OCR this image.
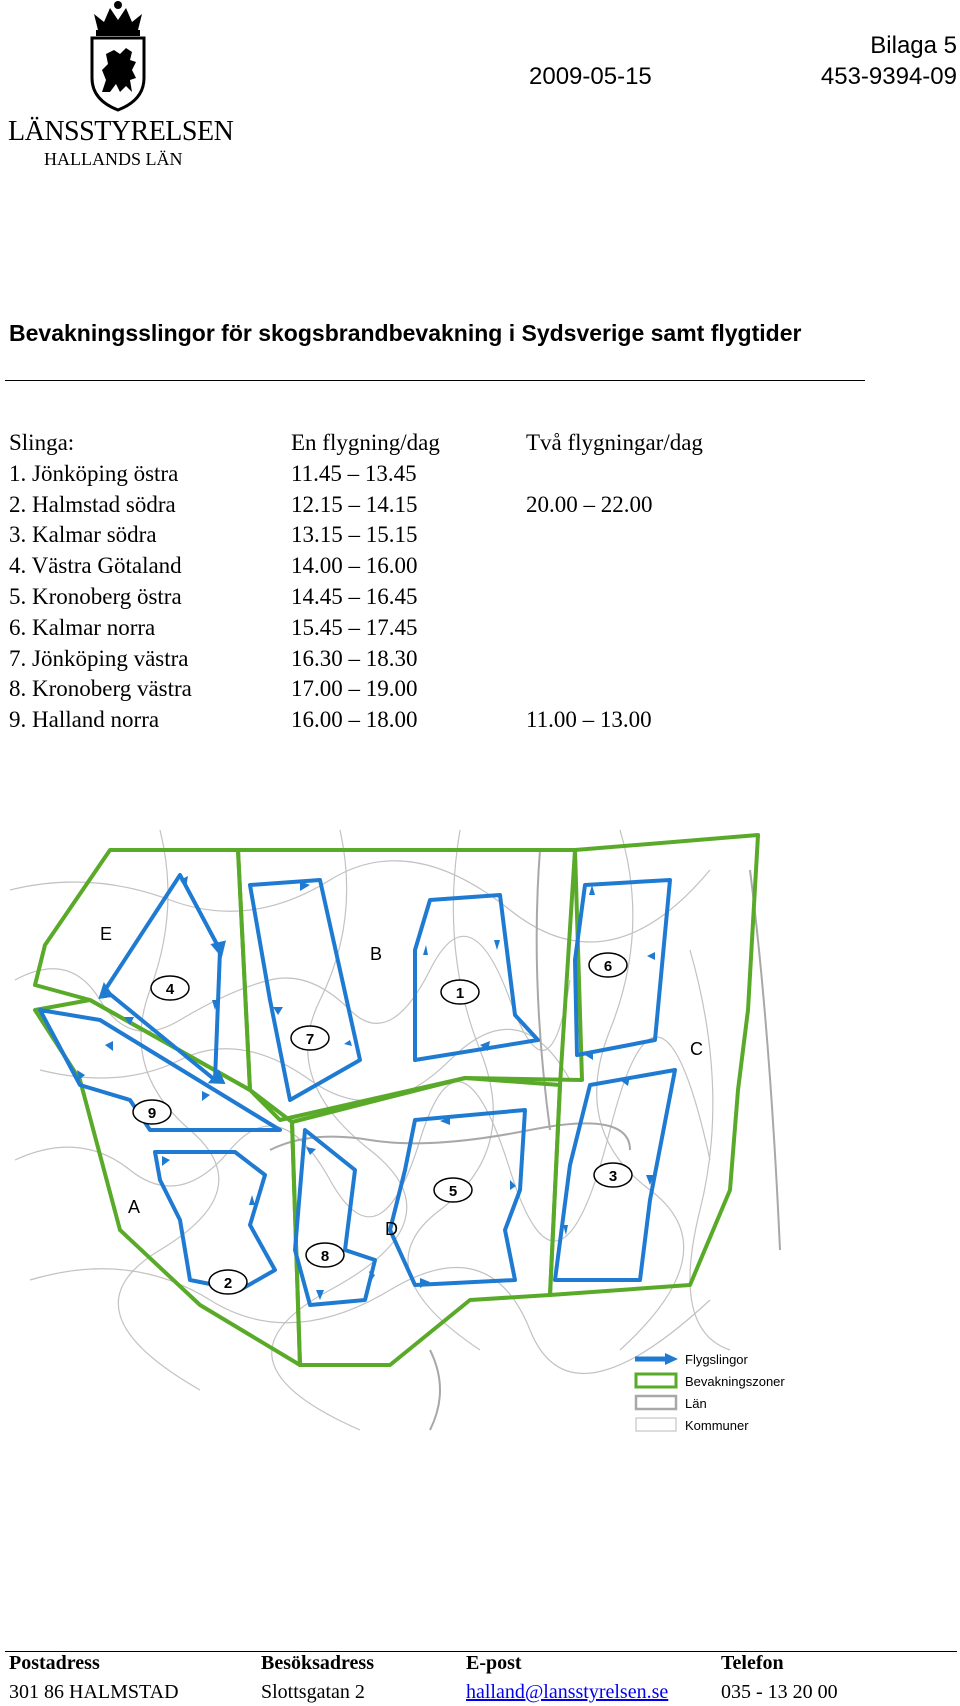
LÄNSSTYRELSEN
HALLANDS LÄN
Bilaga 5
2009-05-15	453-9394-09
Bevakningsslingor för skogsbrandbevakning i Sydsverige samt flygtider
Slinga:	En flygning/dag	Två flygningar/dag
1. Jönköping östra	11.45 – 13.45
2. Halmstad södra	12.15 – 14.15	20.00 – 22.00
3. Kalmar södra	13.15 – 15.15
4. Västra Götaland	14.00 – 16.00
5. Kronoberg östra	14.45 – 16.45
6. Kalmar norra	15.45 – 17.45
7. Jönköping västra	16.30 – 18.30
8. Kronoberg västra	17.00 – 19.00
9. Halland norra	16.00 – 18.00	11.00 – 13.00
E
B
C
A
D
4
7
1
6
9
5
3
2
8
Flygslingor
Bevakningszoner
Län
Kommuner
Postadress	Besöksadress	E-post	Telefon
301 86 HALMSTAD	Slottsgatan 2	halland@lansstyrelsen.se	035 - 13 20 00
